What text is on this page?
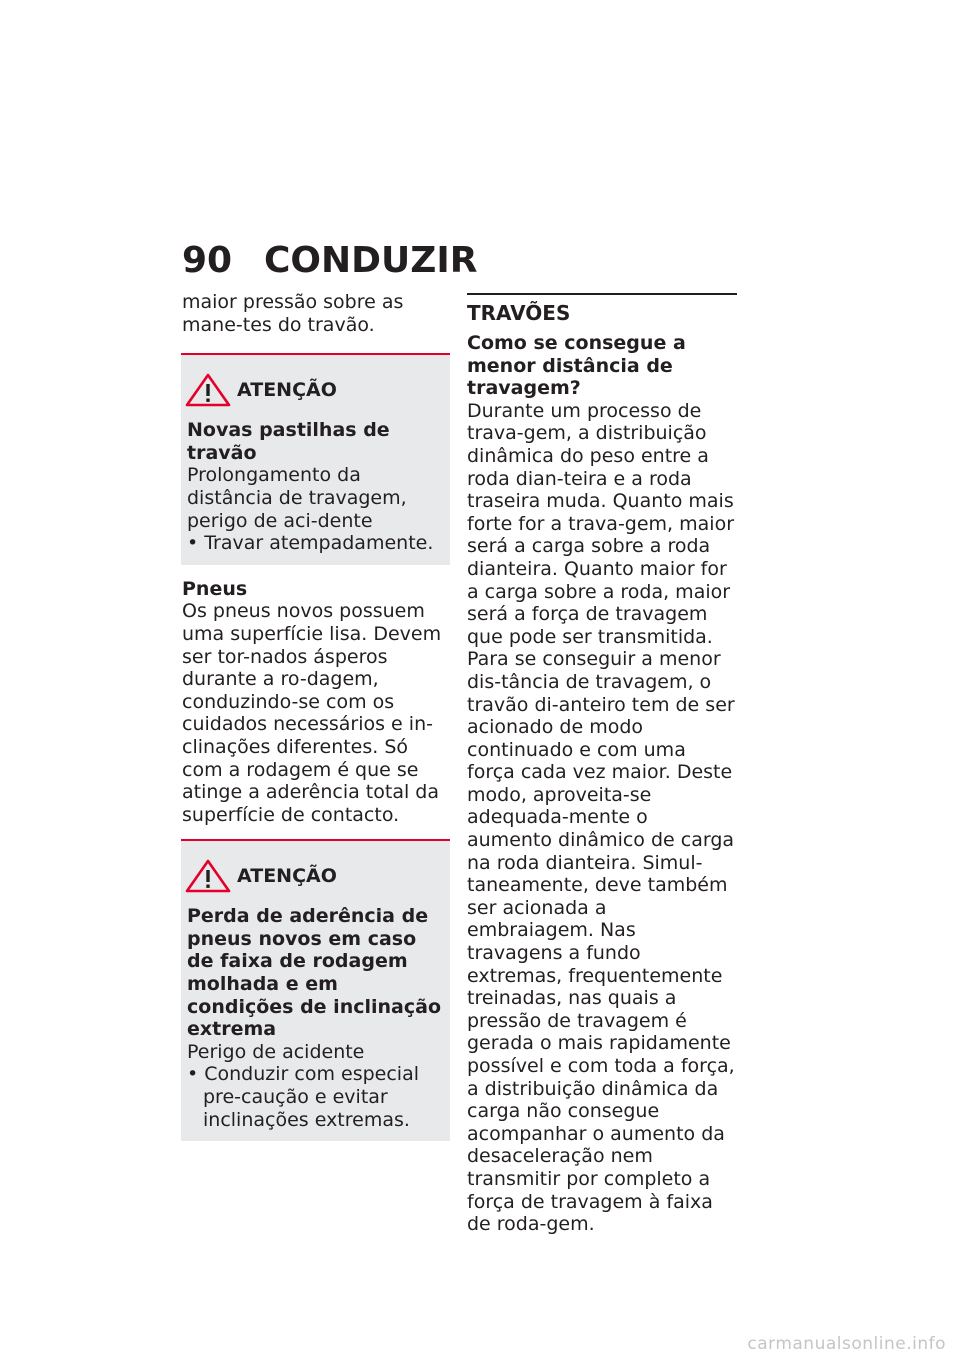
90 CONDUZIR

maior pressão sobre as mane-tes do travão.

ATENÇÃO

Novas pastilhas de travão

Prolongamento da distância de travagem, perigo de aci-dente

• Travar atempadamente.

Pneus

Os pneus novos possuem uma superfície lisa. Devem ser tor-nados ásperos durante a ro-dagem, conduzindo-se com os cuidados necessários e in-clinações diferentes. Só com a rodagem é que se atinge a aderência total da superfície de contacto.

ATENÇÃO

Perda de aderência de pneus novos em caso de faixa de rodagem molhada e em condições de inclinação extrema

Perigo de acidente

• Conduzir com especial pre-caução e evitar inclinações extremas.

TRAVÕES

Como se consegue a menor distância de travagem?

Durante um processo de trava-gem, a distribuição dinâmica do peso entre a roda dian-teira e a roda traseira muda. Quanto mais forte for a trava-gem, maior será a carga sobre a roda dianteira. Quanto maior for a carga sobre a roda, maior será a força de travagem que pode ser transmitida.

Para se conseguir a menor dis-tância de travagem, o travão di-anteiro tem de ser acionado de modo continuado e com uma força cada vez maior. Deste modo, aproveita-se adequada-mente o aumento dinâmico de carga na roda dianteira. Simul-taneamente, deve também ser acionada a embraiagem. Nas travagens a fundo extremas, frequentemente treinadas, nas quais a pressão de travagem é gerada o mais rapidamente possível e com toda a força, a distribuição dinâmica da carga não consegue acompanhar o aumento da desaceleração nem transmitir por completo a força de travagem à faixa de roda-gem.

carmanualsonline.info
